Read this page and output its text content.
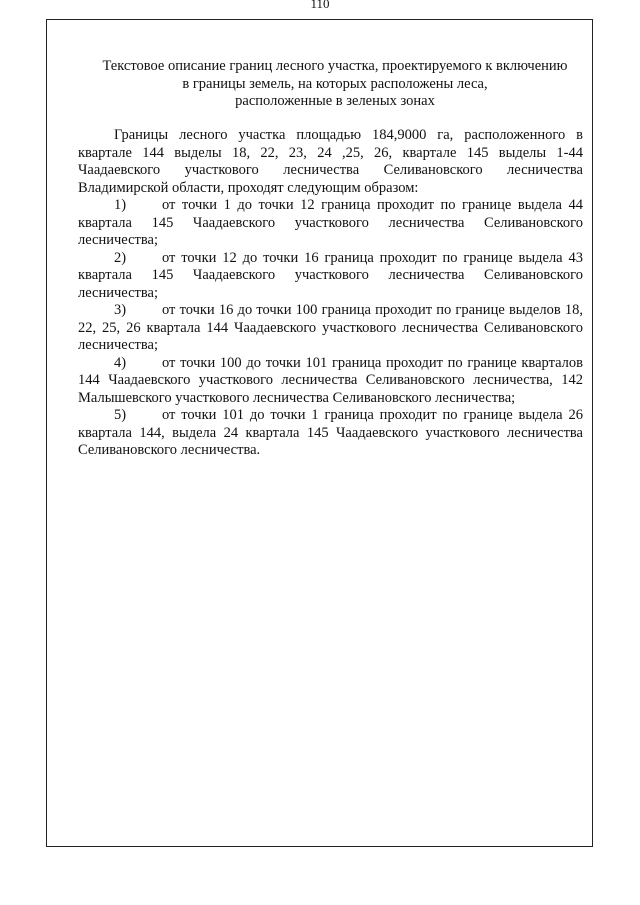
110
Текстовое описание границ лесного участка, проектируемого к включению
в границы земель, на которых расположены леса,
расположенные в зеленых зонах

Границы лесного участка площадью 184,9000 га, расположенного в квартале 144 выделы 18, 22, 23, 24 ,25, 26, квартале 145 выделы 1-44 Чаадаевского участкового лесничества Селивановского лесничества Владимирской области, проходят следующим образом:

1) от точки 1 до точки 12 граница проходит по границе выдела 44 квартала 145 Чаадаевского участкового лесничества Селивановского лесничества;

2) от точки 12 до точки 16 граница проходит по границе выдела 43 квартала 145 Чаадаевского участкового лесничества Селивановского лесничества;

3) от точки 16 до точки 100 граница проходит по границе выделов 18, 22, 25, 26 квартала 144 Чаадаевского участкового лесничества Селивановского лесничества;

4) от точки 100 до точки 101 граница проходит по границе кварталов 144 Чаадаевского участкового лесничества Селивановского лесничества, 142 Малышевского участкового лесничества Селивановского лесничества;

5) от точки 101 до точки 1 граница проходит по границе выдела 26 квартала 144, выдела 24 квартала 145 Чаадаевского участкового лесничества Селивановского лесничества.
